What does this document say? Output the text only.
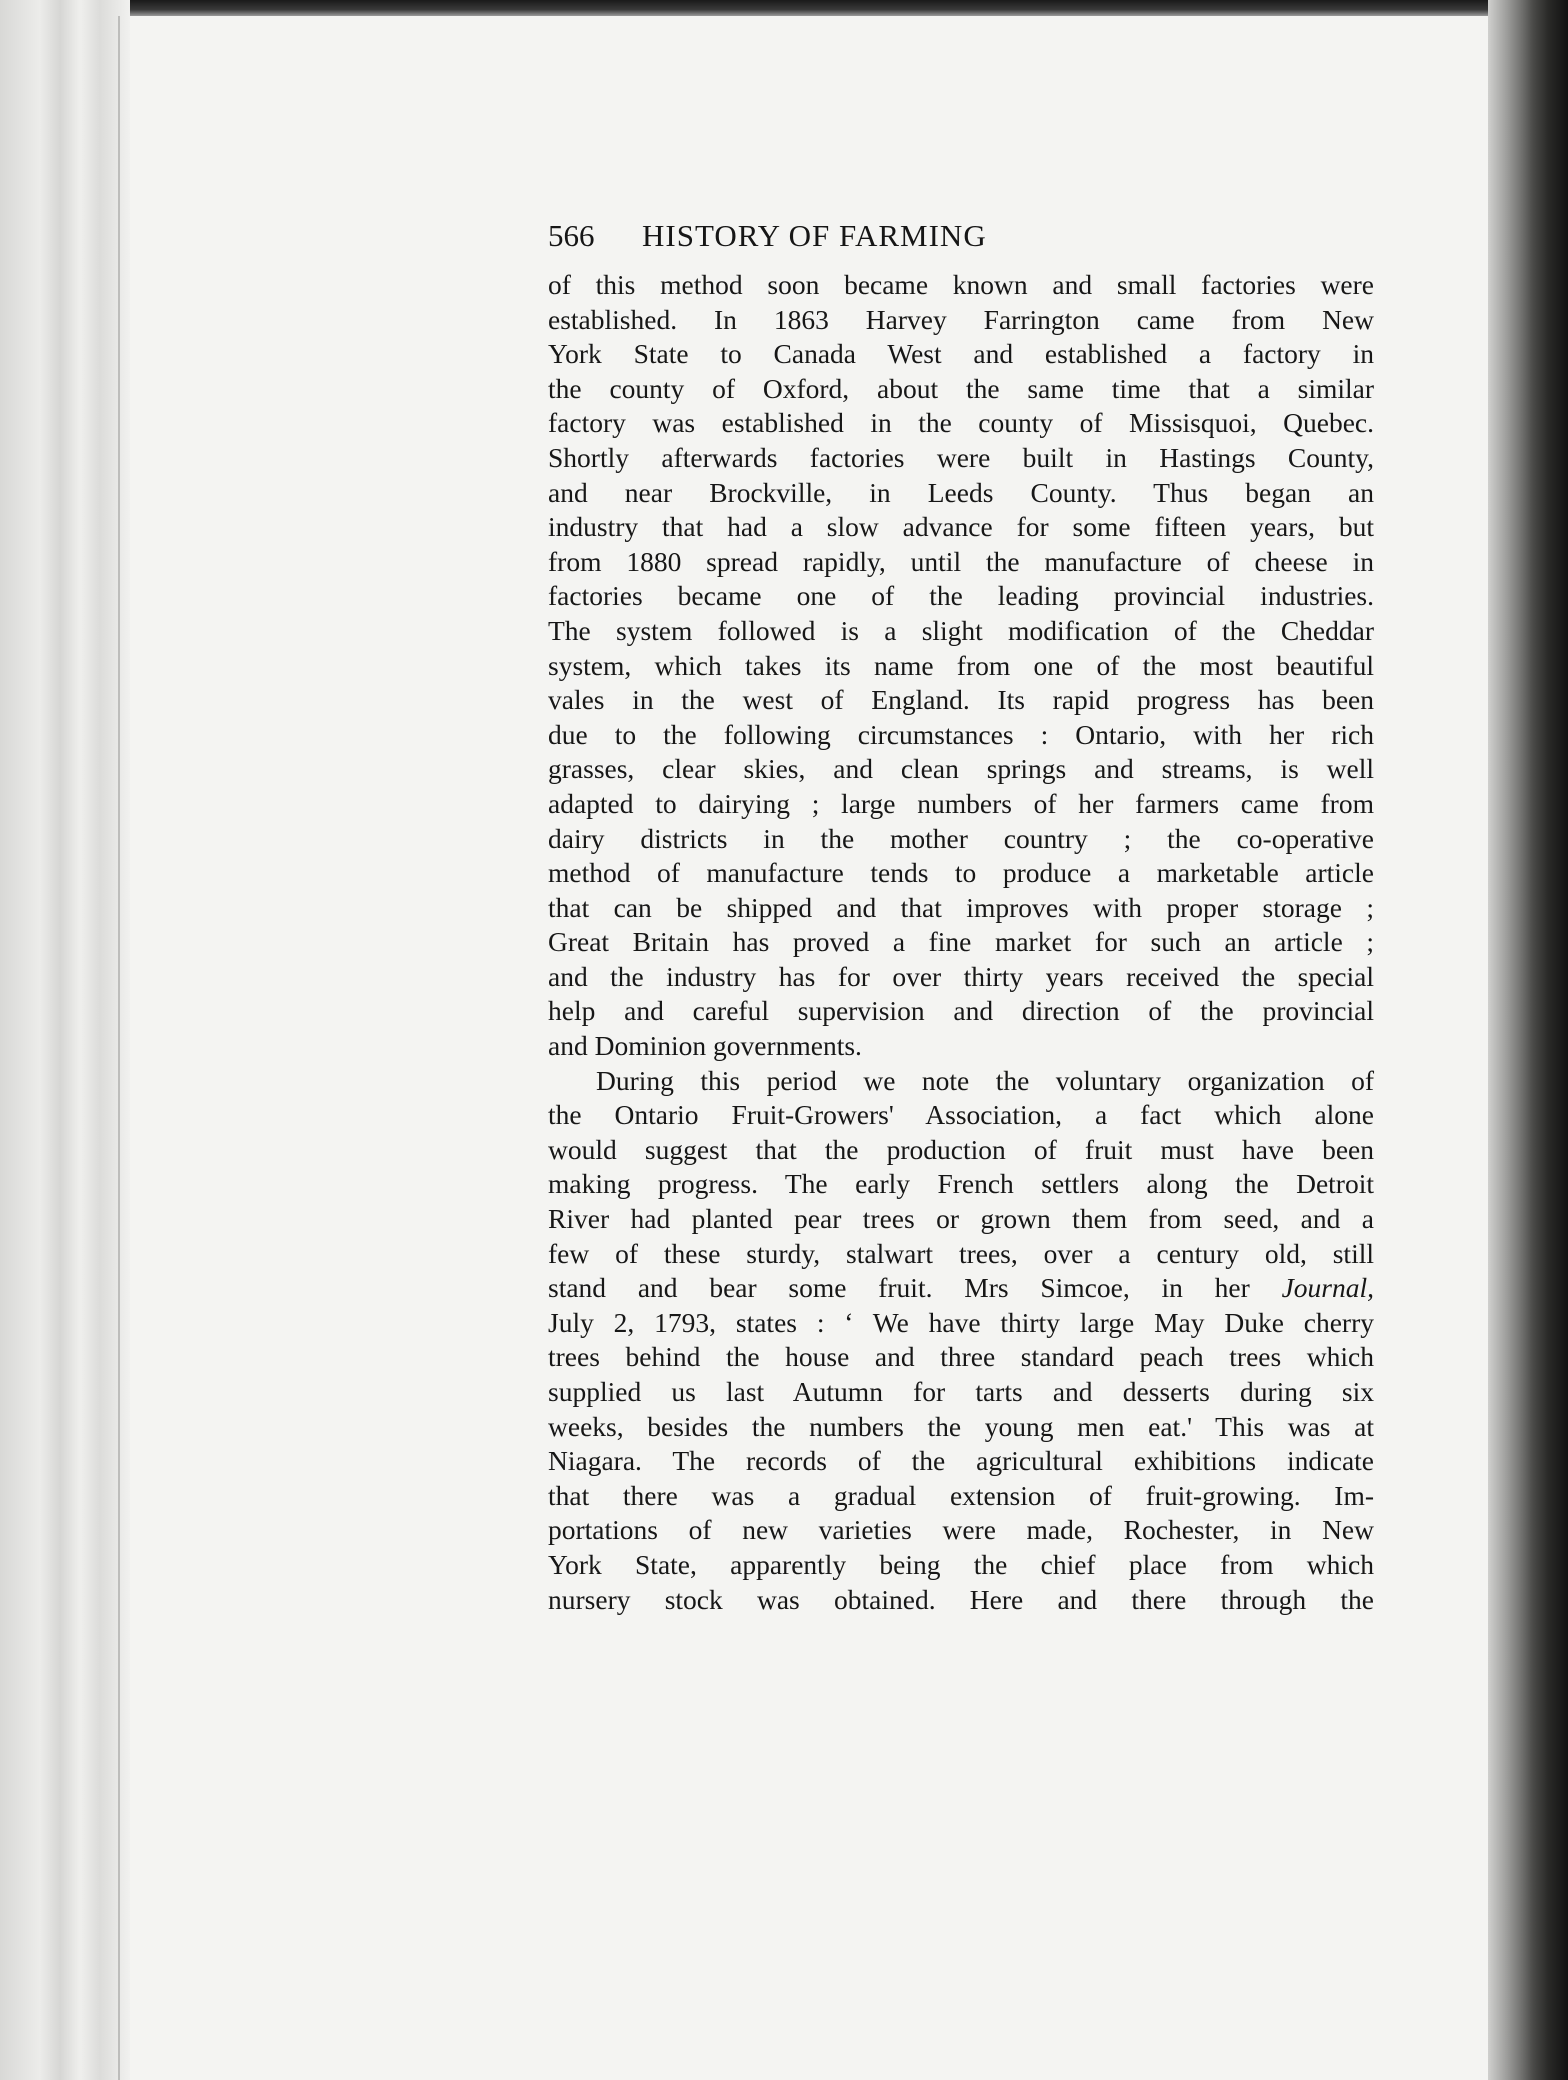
566 HISTORY OF FARMING
of this method soon became known and small factories were
established. In 1863 Harvey Farrington came from New
York State to Canada West and established a factory in
the county of Oxford, about the same time that a similar
factory was established in the county of Missisquoi, Quebec.
Shortly afterwards factories were built in Hastings County,
and near Brockville, in Leeds County. Thus began an
industry that had a slow advance for some fifteen years, but
from 1880 spread rapidly, until the manufacture of cheese in
factories became one of the leading provincial industries.
The system followed is a slight modification of the Cheddar
system, which takes its name from one of the most beautiful
vales in the west of England. Its rapid progress has been
due to the following circumstances : Ontario, with her rich
grasses, clear skies, and clean springs and streams, is well
adapted to dairying ; large numbers of her farmers came from
dairy districts in the mother country ; the co-operative
method of manufacture tends to produce a marketable article
that can be shipped and that improves with proper storage ;
Great Britain has proved a fine market for such an article ;
and the industry has for over thirty years received the special
help and careful supervision and direction of the provincial
and Dominion governments.
During this period we note the voluntary organization of
the Ontario Fruit-Growers' Association, a fact which alone
would suggest that the production of fruit must have been
making progress. The early French settlers along the Detroit
River had planted pear trees or grown them from seed, and a
few of these sturdy, stalwart trees, over a century old, still
stand and bear some fruit. Mrs Simcoe, in her Journal,
July 2, 1793, states : ‘ We have thirty large May Duke cherry
trees behind the house and three standard peach trees which
supplied us last Autumn for tarts and desserts during six
weeks, besides the numbers the young men eat.' This was at
Niagara. The records of the agricultural exhibitions indicate
that there was a gradual extension of fruit-growing. Im-
portations of new varieties were made, Rochester, in New
York State, apparently being the chief place from which
nursery stock was obtained. Here and there through the
